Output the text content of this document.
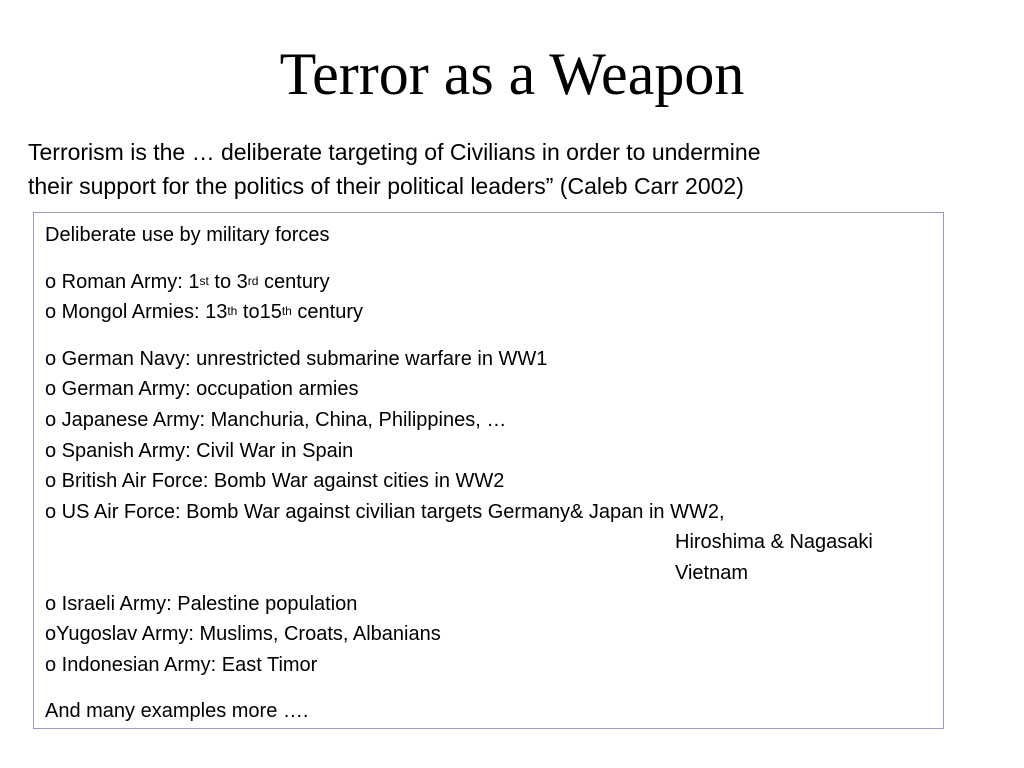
Terror as a Weapon
Terrorism is the … deliberate targeting of Civilians in order to undermine
their support for the politics of their political leaders” (Caleb Carr 2002)
Deliberate use by military forces
o Roman Army: 1st to 3rd century
o Mongol Armies: 13th to15th century
o German Navy: unrestricted submarine warfare in WW1
o German Army: occupation armies
o Japanese Army: Manchuria, China, Philippines, …
o Spanish Army: Civil War in Spain
o British Air Force: Bomb War against cities in WW2
o US Air Force: Bomb War against civilian targets Germany& Japan in WW2,
Hiroshima & Nagasaki
Vietnam
o Israeli Army: Palestine population
oYugoslav Army: Muslims, Croats, Albanians
o Indonesian Army: East Timor
And many examples more ….
